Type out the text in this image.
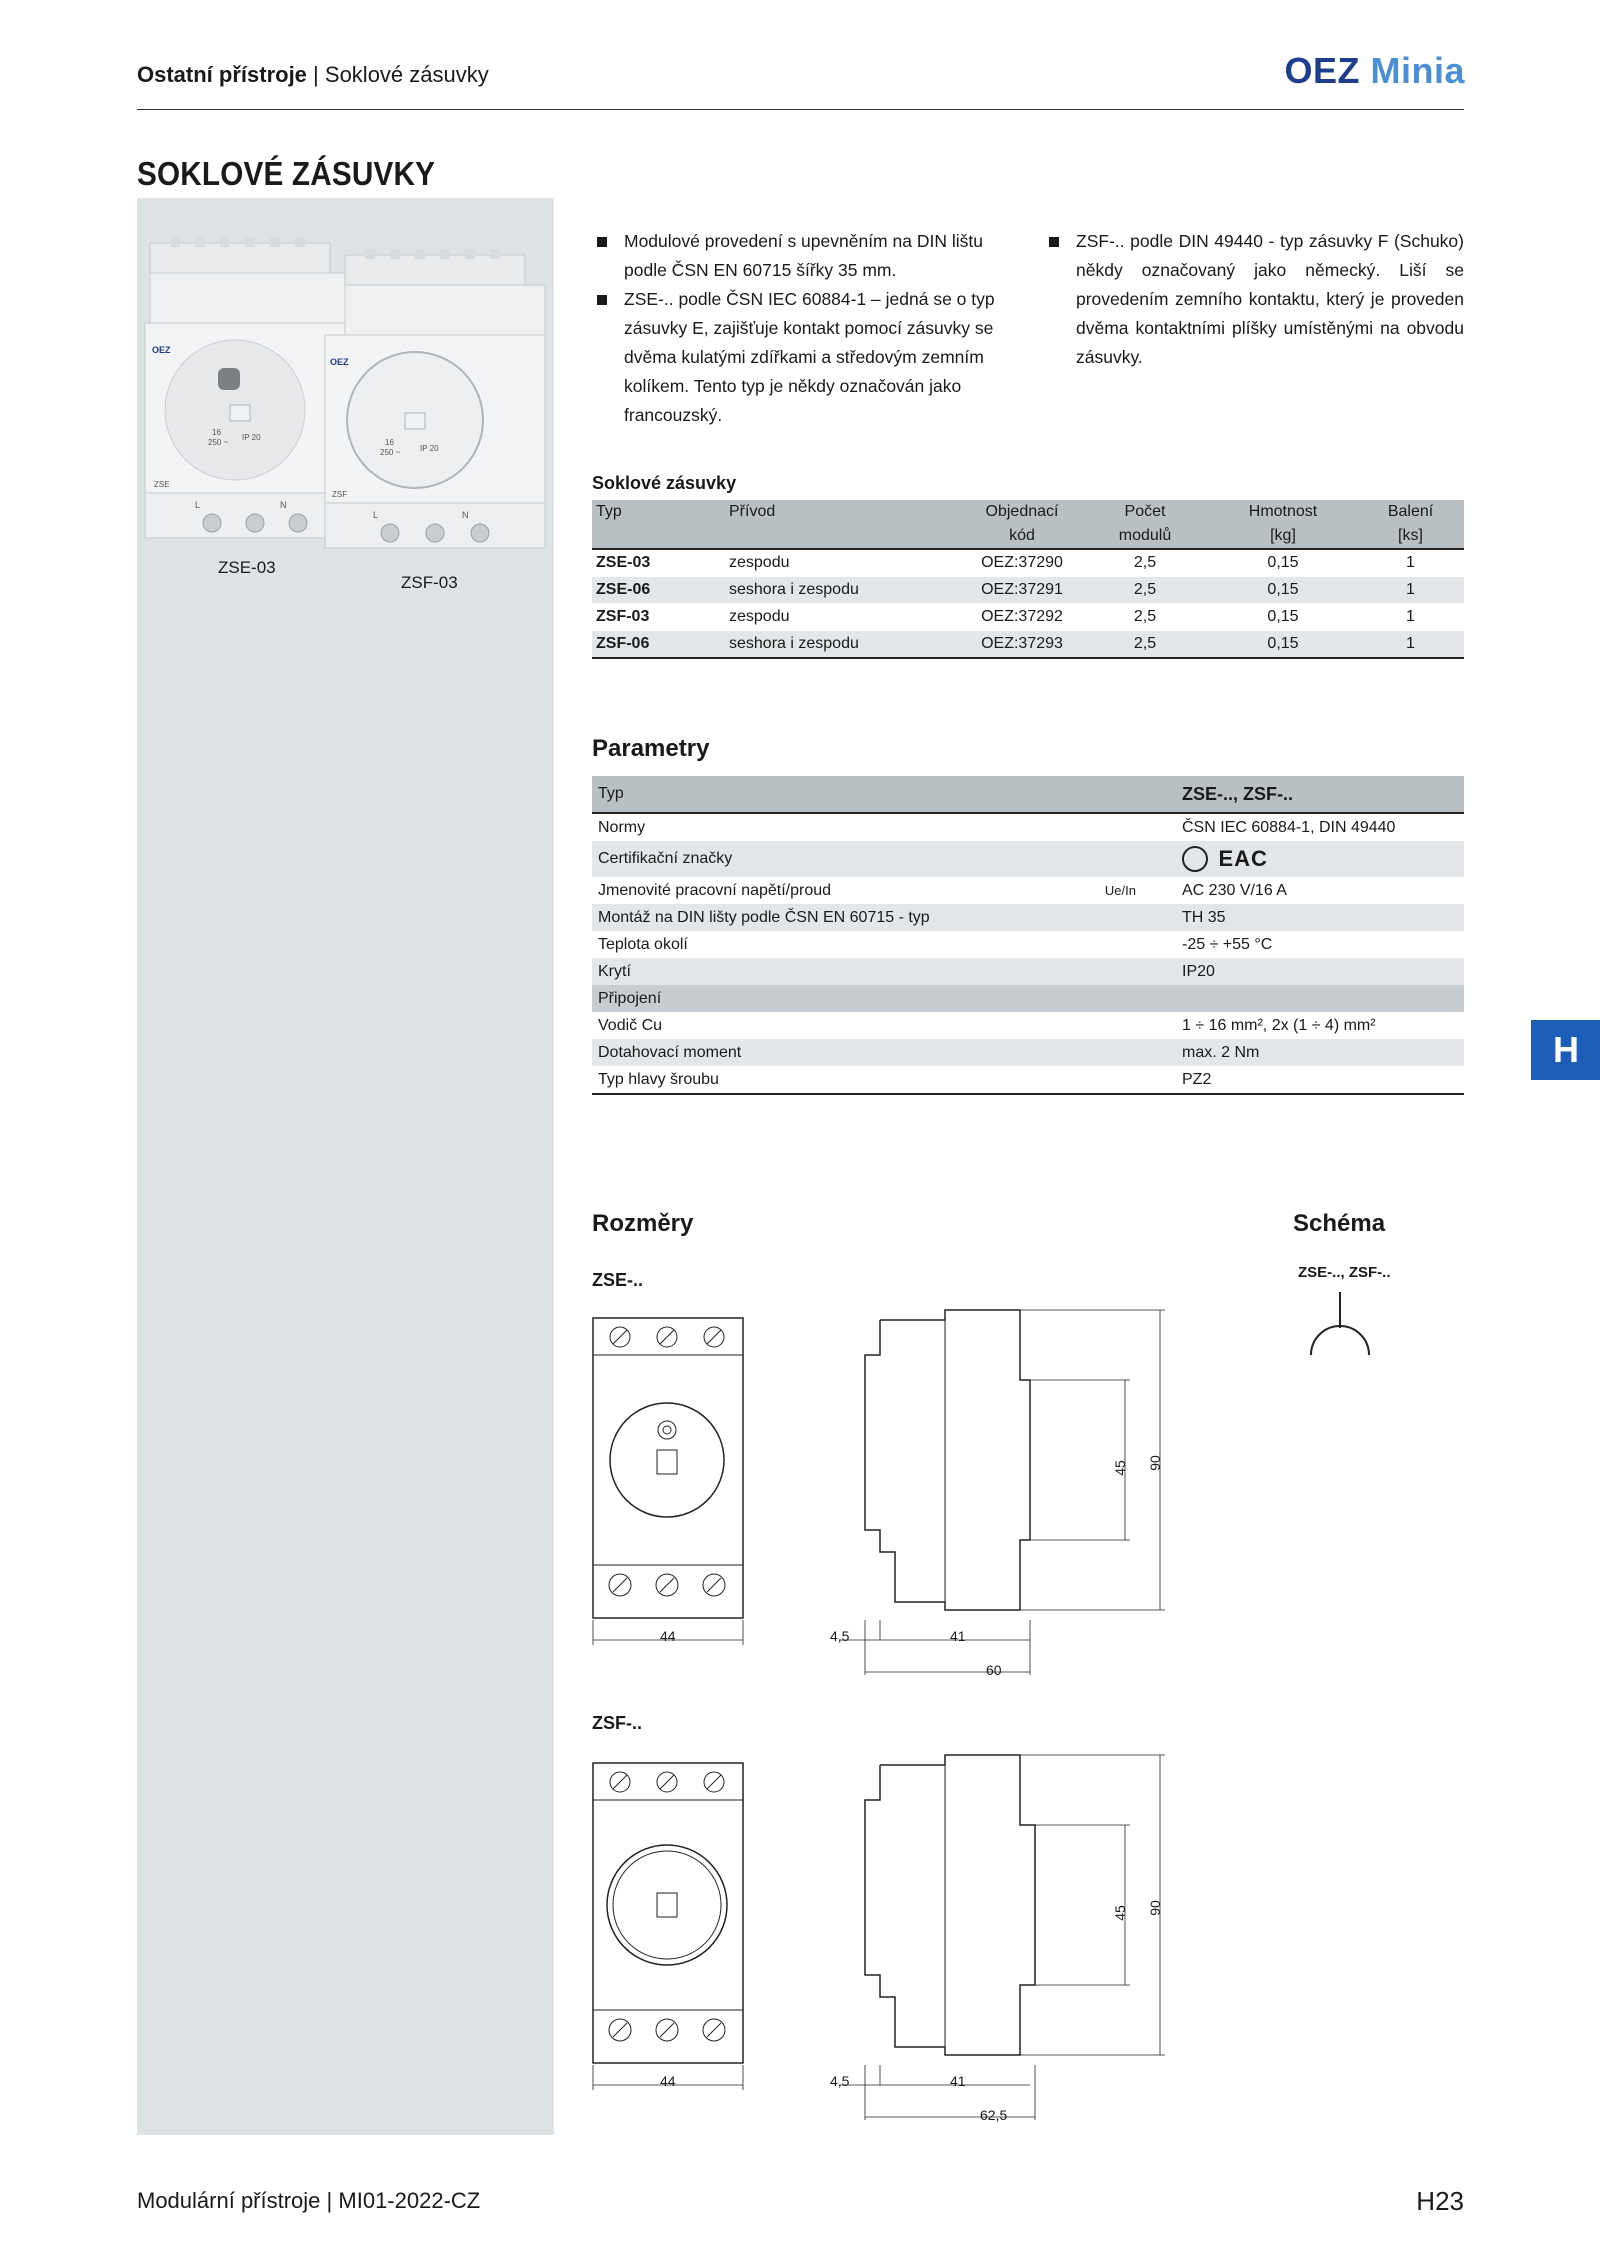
Ostatní přístroje | Soklové zásuvky	OEZ Minia
SOKLOVÉ ZÁSUVKY
16
250 ~
IP 20
OEZ
ZSE
L	N
16
250 ~ IP 20
OEZ
ZSF
L	N
ZSE-03
ZSF-03
Modulové provedení s upevněním na DIN lištu podle ČSN EN 60715 šířky 35 mm.
ZSE-.. podle ČSN IEC 60884-1 – jedná se o typ zásuvky E, zajišťuje kontakt pomocí zásuvky se dvěma kulatými zdířkami a středovým zemním kolíkem. Tento typ je někdy označován jako francouzský.
ZSF-.. podle DIN 49440 - typ zásuvky F (Schuko) někdy označovaný jako německý. Liší se provedením zemního kontaktu, který je proveden dvěma kontaktními plíšky umístěnými na obvodu zásuvky.
Soklové zásuvky
Typ	Přívod	Objednací	Počet	Hmotnost	Balení
		kód	modulů	[kg]	[ks]
ZSE-03	zespodu	OEZ:37290	2,5	0,15	1
ZSE-06	seshora i zespodu	OEZ:37291	2,5	0,15	1
ZSF-03	zespodu	OEZ:37292	2,5	0,15	1
ZSF-06	seshora i zespodu	OEZ:37293	2,5	0,15	1
Parametry
Typ		ZSE-.., ZSF-..
Normy		ČSN IEC 60884-1, DIN 49440
Certifikační značky		EAC
Jmenovité pracovní napětí/proud	Ue/In	AC 230 V/16 A
Montáž na DIN lišty podle ČSN EN 60715 - typ		TH 35
Teplota okolí		-25 ÷ +55 °C
Krytí		IP20
Připojení		
Vodič Cu		1 ÷ 16 mm², 2x (1 ÷ 4) mm²
Dotahovací moment		max. 2 Nm
Typ hlavy šroubu		PZ2
H
Rozměry
ZSE-..
ZSF-..
Schéma
ZSE-.., ZSF-..
44	4,5	41
60
45 90
44	4,5	41
62,5
45 90
Modulární přístroje | MI01-2022-CZ	H23
